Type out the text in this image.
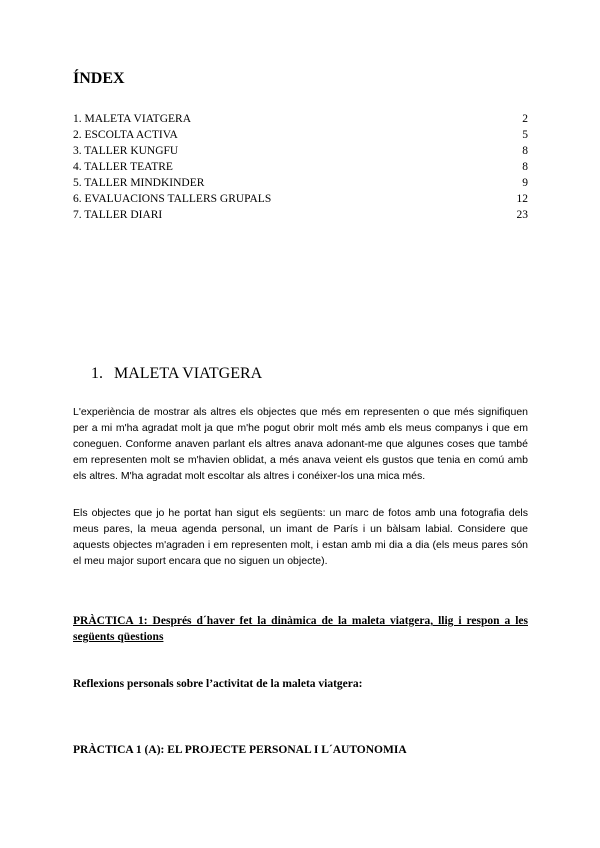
ÍNDEX
1. MALETA VIATGERA	2
2. ESCOLTA ACTIVA	5
3. TALLER KUNGFU	8
4. TALLER TEATRE	8
5. TALLER MINDKINDER	9
6. EVALUACIONS TALLERS GRUPALS	12
7. TALLER DIARI	23
1. MALETA VIATGERA

L'experiència de mostrar als altres els objectes que més em representen o que més signifiquen per a mi m'ha agradat molt ja que m'he pogut obrir molt més amb els meus companys i que em coneguen. Conforme anaven parlant els altres anava adonant-me que algunes coses que també em representen molt se m'havien oblidat, a més anava veient els gustos que tenia en comú amb els altres. M'ha agradat molt escoltar als altres i conéixer-los una mica més.

Els objectes que jo he portat han sigut els següents: un marc de fotos amb una fotografia dels meus pares, la meua agenda personal, un imant de París i un bàlsam labial. Considere que aquests objectes m'agraden i em representen molt, i estan amb mi dia a dia (els meus pares són el meu major suport encara que no siguen un objecte).

PRÀCTICA 1: Després d´haver fet la dinàmica de la maleta viatgera, llig i respon a les següents qüestions

Reflexions personals sobre l’activitat de la maleta viatgera:

PRÀCTICA 1 (A): EL PROJECTE PERSONAL I L´AUTONOMIA
